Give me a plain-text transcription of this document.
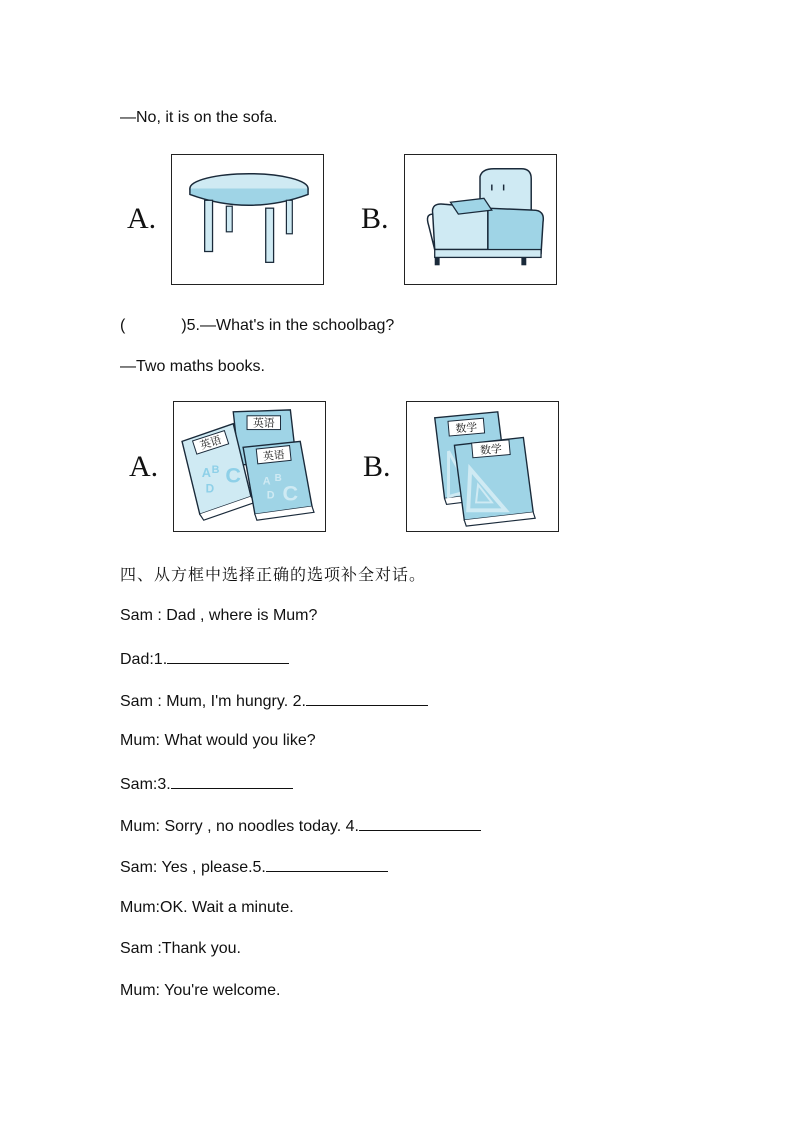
—No, it is on the sofa.
A.	B.
(	)5.—What's in the schoolbag?
—Two maths books.
A.
英语
英语
A B C
D
英语
A B
C
D
B.
数学
数学
四、从方框中选择正确的选项补全对话。
Sam : Dad , where is Mum?
Dad:1.
Sam : Mum, I'm hungry. 2.
Mum: What would you like?
Sam:3.
Mum: Sorry , no noodles today. 4.
Sam: Yes , please.5.
Mum:OK. Wait a minute.
Sam :Thank you.
Mum: You're welcome.
